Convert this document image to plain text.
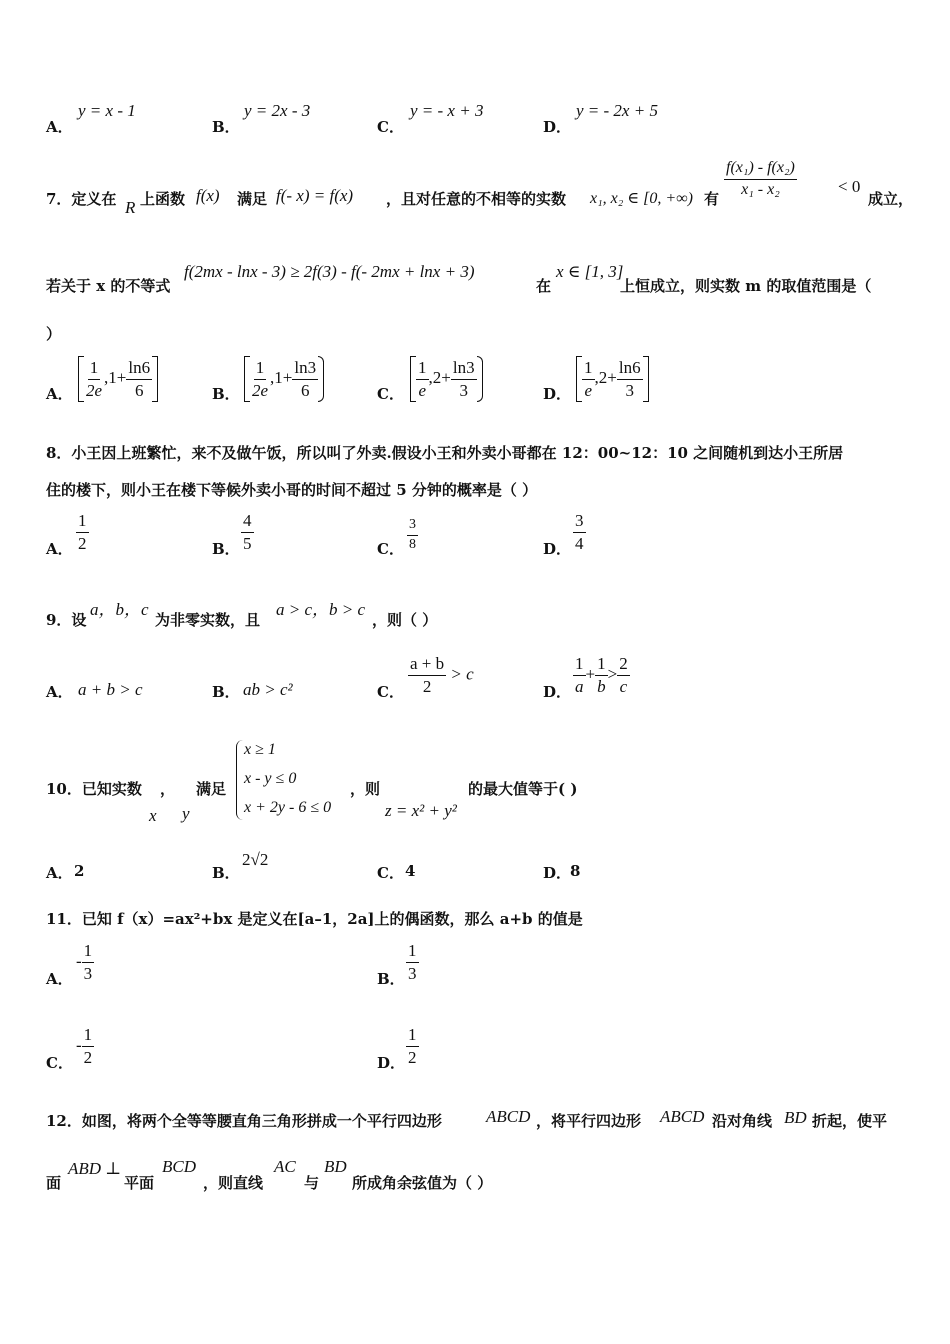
A．
y = x - 1
B．
y = 2x - 3
C．
y = - x + 3
D．
y = - 2x + 5
7．定义在 R 上函数 f(x) 满足 f(- x) = f(x) ，且对任意的不相等的实数 x₁, x₂ ∈ [0, +∞) 有
$\frac{\text{f(x₁) - f(x₂)}}{\text{x₁ - x₂}} < 0$
成立，
若关于 x 的不等式
f(2mx - lnx - 3) ≥ 2f(3) - f(- 2mx + lnx + 3)
在
x ∈ [1, 3]
上恒成立，则实数 m 的取值范围是（
）
A． $\frac{1}{2e} ,1+ \frac{\ln 6}{6}$	B． $\frac{1}{2e} ,1+ \frac{\ln 3}{6}$	C． $\frac{1}{e} ,2+ \frac{\ln 3}{3}$	D． $\frac{1}{e} ,2+ \frac{\ln 6}{3}$
8．小王因上班繁忙，来不及做午饭，所以叫了外卖.假设小王和外卖小哥都在 12：00~12：10 之间随机到达小王所居
住的楼下，则小王在楼下等候外卖小哥的时间不超过 5 分钟的概率是（ ）
A． $\frac{1}{2}$	B． $\frac{4}{5}$	C． $\frac{3}{8}$	D． $\frac{3}{4}$
9．设
a，b，c
为非零实数，且
a > c，b > c
，则（ ）
A． a + b > c	B． ab > c²	C． $\frac{a + b}{2} > c$
D． $\frac{1}{a} + \frac{1}{b} > \frac{2}{c}$
10．已知实数 ， 满足
x ≥ 1
x - y ≤ 0
x + 2y - 6 ≤ 0
，则	的最大值等于( )
x y	z = x² + y²
A． 2	B．
2√2
C． 4	D．
8
11．已知 f（x）=ax²+bx 是定义在[a–1，2a]上的偶函数，那么 a+b 的值是
A．
- $\frac{1}{3}$	B． $\frac{1}{3}$
C．
- $\frac{1}{2}$	D． $\frac{1}{2}$
12．如图，将两个全等等腰直角三角形拼成一个平行四边形	ABCD ，将平行四边形 ABCD 沿对角线 BD 折起，使平
面
ABD ⊥
平面
BCD
，则直线
AC
与
BD
所成角余弦值为（ ）
